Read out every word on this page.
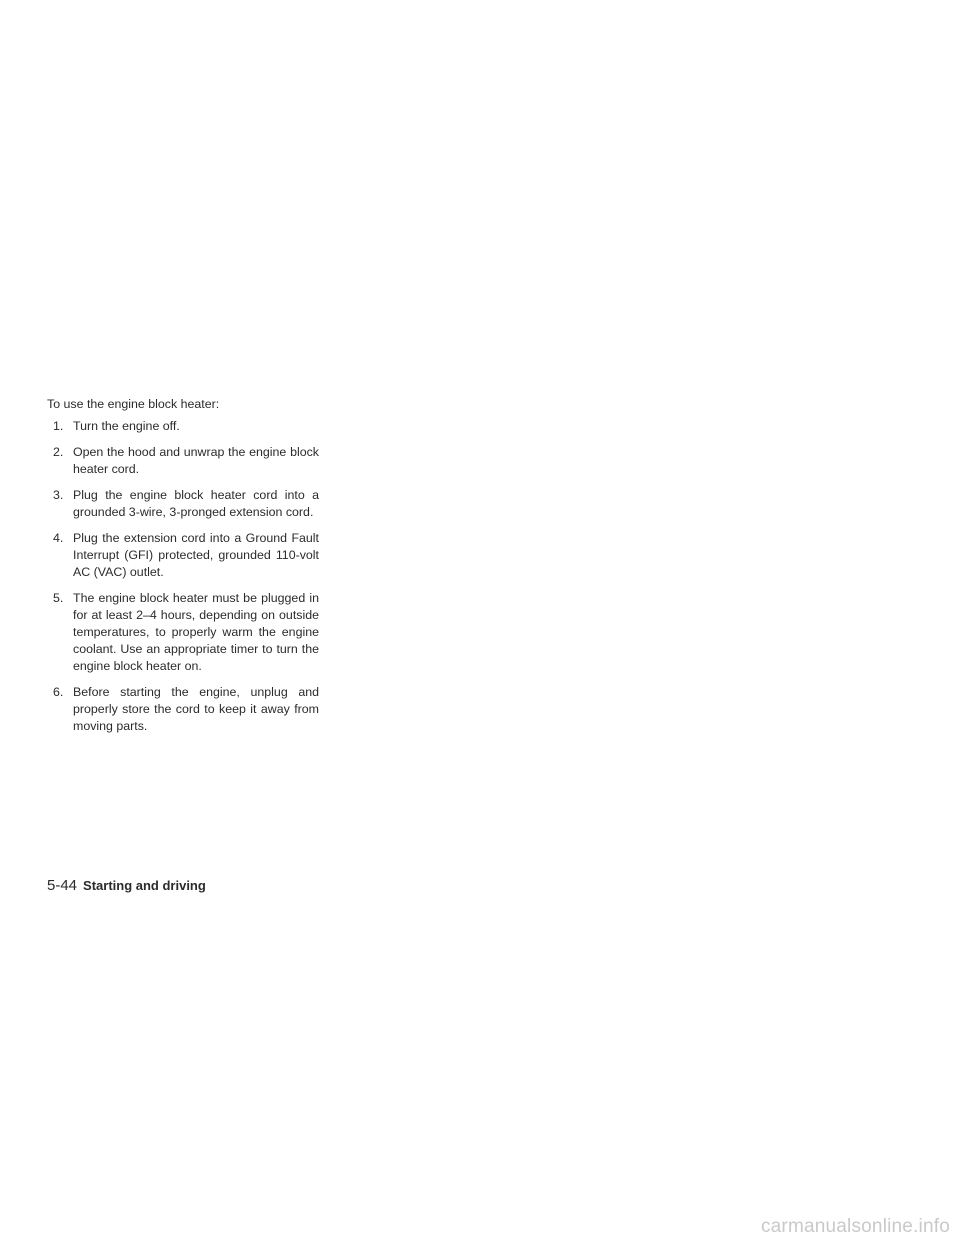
To use the engine block heater:

1. Turn the engine off.
2. Open the hood and unwrap the engine block heater cord.
3. Plug the engine block heater cord into a grounded 3-wire, 3-pronged extension cord.
4. Plug the extension cord into a Ground Fault Interrupt (GFI) protected, grounded 110-volt AC (VAC) outlet.
5. The engine block heater must be plugged in for at least 2–4 hours, depending on outside temperatures, to properly warm the engine coolant. Use an appropriate timer to turn the engine block heater on.
6. Before starting the engine, unplug and properly store the cord to keep it away from moving parts.
5-44 Starting and driving
carmanualsonline.info
